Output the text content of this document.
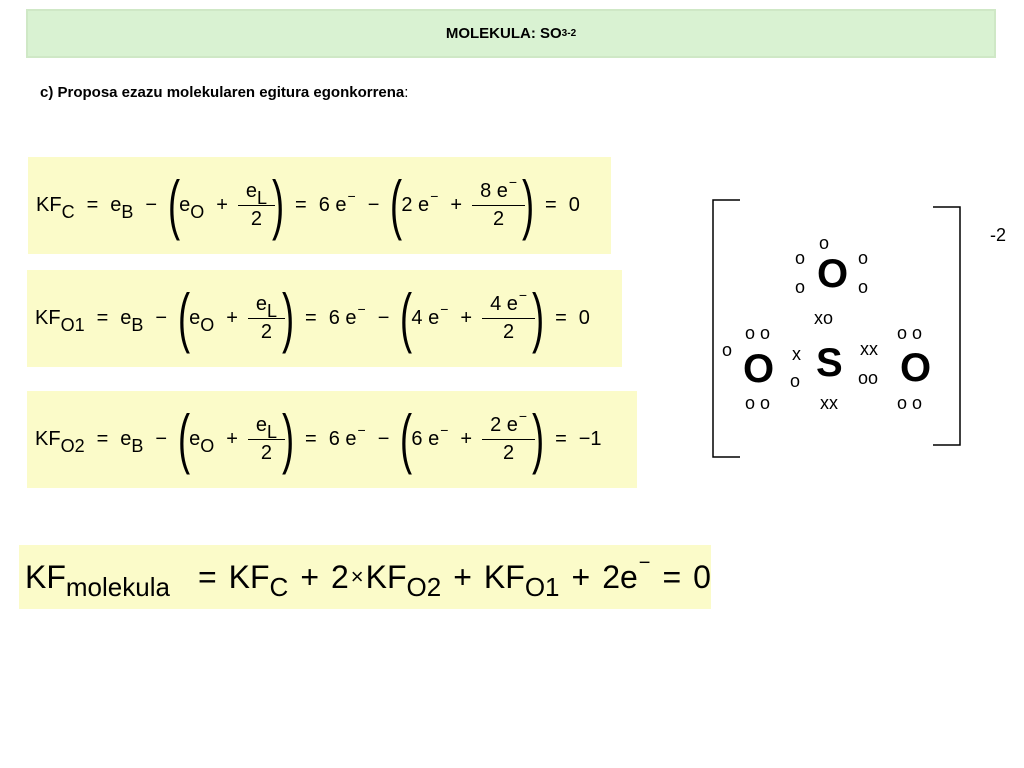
MOLEKULA: SO 3 -2
c) Proposa ezazu molekularen egitura egonkorrena:
KF C = e B − (
e $O + \frac{eL}{2}$ ) = 6 e − − (
2 e − + $\frac{8 e^-}{2}$ ) = 0
KF O1 = e B − (
e $O + \frac{eL}{2}$ ) = 6 e − − (
4 e − + $\frac{4 e^-}{2}$ ) = 0
KF O2 = e B − (
e $O + \frac{eL}{2}$ ) = 6 e − − (
6 e − + $\frac{2 e^-}{2}$ ) = −1
KF molekula = KF C + 2 × KF O2 + KF O1 + 2e − = 0
-2
O
O S O
o
o
o
o
o
xo
o o
o
o o
x
o
xx
oo
xx
o o
o o
